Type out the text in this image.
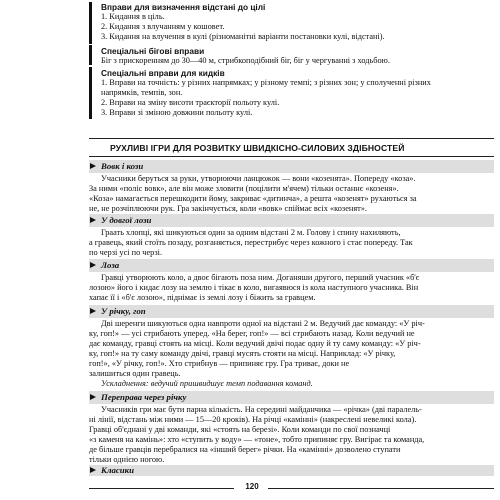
Вправи для визначення відстані до цілі
1. Кидання в ціль.
2. Кидання з влучанням у кошовет.
3. Кидання на влучення в кулі (різноманітні варіанти постановки кулі, відстані).
Спеціальні бігові вправи
Біг з прискоренням до 30—40 м, стрибкоподібний біг, біг у чергуванні з ходьбою.
Спеціальні вправи для кидків
1. Вправи на точність: у різних напрямках; у різному темпі; з різних зон; у сполученні різних
напрямків, темпів, зон.
2. Вправи на зміну висоти траєкторії польоту кулі.
3. Вправи зі зміною довжини польоту кулі.
РУХЛИВІ ІГРИ ДЛЯ РОЗВИТКУ ШВИДКІСНО-СИЛОВИХ ЗДІБНОСТЕЙ
Вовк і кози
Учасники беруться за руки, утворюючи ланцюжок — вони «козенята». Попереду «коза».
За ними «поліс вовк», але він може зловити (поцілити м'ячем) тільки останнє «козеня».
«Коза» намагається перешкодити йому, закриває «дитинча», а решта «козенят» рухаються за
не, не розчіплюючи рук. Гра закінчується, коли «вовк» спіймає всіх «козенят».
У довгої лози
Граать хлопці, які шикуються один за одним відстані 2 м. Голову і спину нахиляють,
а гравець, який стоїть позаду, розганяється, перестрибує через кожного і стає попереду. Так
по черзі усі по черзі.
Лоза
Гравці утворюють коло, а двоє бігають поза ним. Доганяши другого, перший учасник «б'є
лозою» його і кидає лозу на землю і тікає в коло, вигаявюся із кола наступного учасника. Він
хапає її і «б'є лозою», піднімає із землі лозу і біжить за гравцем.
У річку, гоп
Дві шеренги шикуються одна навпроти одної на відстані 2 м. Ведучий дає команду: «У річ-
ку, гоп!» — усі стрибають уперед. «На берег, гоп!» — всі стрибають назад. Коли ведучий не
дає команду, гравці стоять на місці. Коли ведучий двічі подає одну й ту саму команду: «У річ-
ку, гоп!» на ту саму команду двічі, гравці мусять стояти на місці. Наприклад: «У річку,
гоп!», «У річку, гоп!». Хто стрибнув — припиняє гру. Гра триває, доки не
залишиться один гравець.
Ускладнення: ведучий пришвидшує темп подавання команд.
Переправа через річку
Учасників гри має бути парна кількість. На середині майданчика — «річка» (дві паралель-
ні лінії, відстань між ними — 15—20 кроків). На річці «камінні» (накреслені невеликі кола).
Гравці об'єднані у дві команди, які «стоять на березі». Коли команди по свої позначці
«з каменя на камінь»: хто «ступить у воду» — «тоне», тобто припиняє гру. Вигірає та команда,
де більше гравців перебралися на «інший берег» річки. На «камінні» дозволено ступати
тільки однією ногою.
Класики
120
